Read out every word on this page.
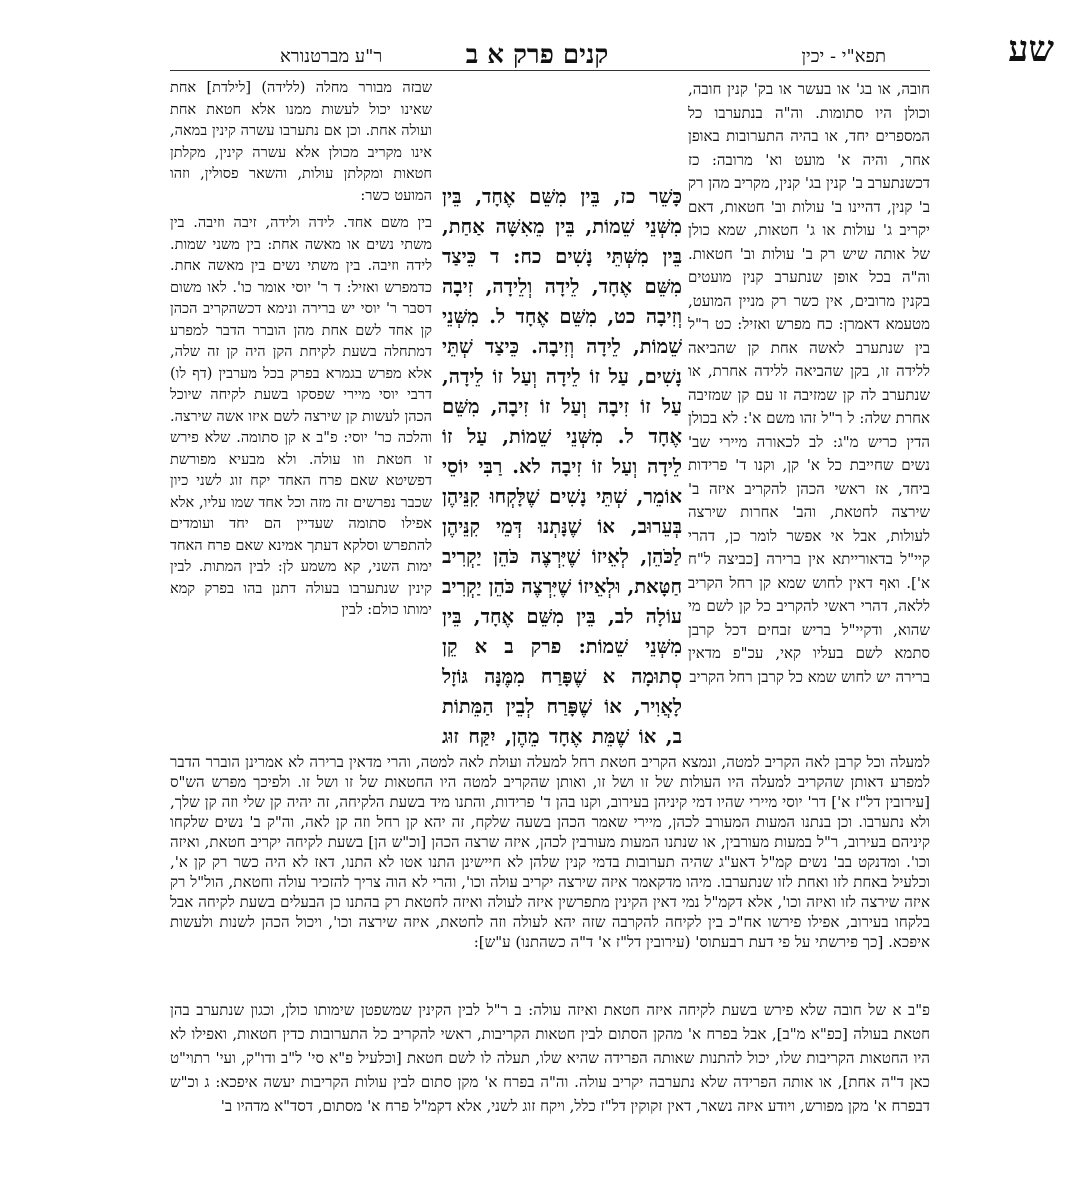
שע
תפא"י - יכין
קנים פרק א ב
ר"ע מברטנורא

חובה, או בג' או בעשר או בק' קנין חובה, וכולן היו סתומות. וה"ה בנתערבו כל המספרים יחד, או בהיה התערובות באופן אחר, והיה א' מועט וא' מרובה: כז דכשנתערב ב' קנין בג' קנין, מקריב מהן רק ב' קנין, דהיינו ב' עולות וב' חטאות, דאם יקריב ג' עולות או ג' חטאות, שמא כולן של אותה שיש רק ב' עולות וב' חטאות. וה"ה בכל אופן שנתערב קנין מועטים בקנין מרובים, אין כשר רק מניין המועט, מטעמא דאמרן: כח מפרש ואזיל: כט ר"ל בין שנתערב לאשה אחת קן שהביאה ללידה זו, בקן שהביאה ללידה אחרת, או שנתערב לה קן שמזיבה זו עם קן שמזיבה אחרת שלה: ל ר"ל זהו משם א': לא בכולן הדין כריש מ"ג: לב לכאורה מיירי שב' נשים שחייבת כל א' קן, וקנו ד' פרידות ביחד, אז ראשי הכהן להקריב איזה ב' שירצה לחטאת, והב' אחרות שירצה לעולות, אבל אי אפשר לומר כן, דהרי קיי"ל בדאורייתא אין ברירה [כביצה ל"ח א']. ואף דאין לחוש שמא קן רחל הקריב ללאה, דהרי ראשי להקריב כל קן לשם מי שהוא, ודקיי"ל בריש זבחים דכל קרבן סתמא לשם בעליו קאי, עכ"פ מדאין ברירה יש לחוש שמא כל קרבן רחל הקריב

כָּשֵׁר כז, בֵּין מִשֵּׁם אֶחָד, בֵּין מִשְּׁנֵי שֵׁמוֹת, בֵּין מֵאִשָּׁה אַחַת, בֵּין מִשְּׁתֵּי נָשִׁים כח: ד כֵּיצַד מִשֵּׁם אֶחָד, לֵידָה וְלֵידָה, זִיבָה וְזִיבָה כט, מִשֵּׁם אֶחָד ל. מִשְּׁנֵי שֵׁמוֹת, לֵידָה וְזִיבָה. כֵּיצַד שְׁתֵּי נָשִׁים, עַל זוֹ לֵידָה וְעַל זוֹ לֵידָה, עַל זוֹ זִיבָה וְעַל זוֹ זִיבָה, מִשֵּׁם אֶחָד ל. מִשְּׁנֵי שֵׁמוֹת, עַל זוֹ לֵידָה וְעַל זוֹ זִיבָה לא. רַבִּי יוֹסֵי אוֹמֵר, שְׁתֵּי נָשִׁים שֶׁלָּקְחוּ קִנֵּיהֶן בְּעֵרוּב, אוֹ שֶׁנָּתְנוּ דְּמֵי קִנֵּיהֶן לַכֹּהֵן, לְאֵיזוֹ שֶׁיִּרְצֶה כֹּהֵן יַקְרִיב חַטָּאת, וּלְאֵיזוֹ שֶׁיִּרְצֶה כֹּהֵן יַקְרִיב עוֹלָה לב, בֵּין מִשֵּׁם אֶחָד, בֵּין מִשְּׁנֵי שֵׁמוֹת: פרק ב א קֵן סְתוּמָה א שֶׁפָּרַח מִמֶּנָּה גּוֹזָל לָאֲוִיר, אוֹ שֶׁפָּרַח לְבֵין הַמֵּתוֹת ב, אוֹ שֶׁמֵּת אֶחָד מֵהֶן, יִקַּח זוּג

שבזה מבורר מחלה (ללידה) [לילדת] אחת שאינו יכול לעשות ממנו אלא חטאת אחת ועולה אחת. וכן אם נתערבו עשרה קינין במאה, אינו מקריב מכולן אלא עשרה קינין, מקלתן חטאות ומקלתן עולות, והשאר פסולין, וזהו המועט כשר:

בין משם אחד. לידה ולידה, זיבה וזיבה. בין משתי נשים או מאשה אחת: בין משני שמות. לידה וזיבה. בין משתי נשים בין מאשה אחת. כדמפרש ואזיל: ד ר' יוסי אומר כו'. לאו משום דסבר ר' יוסי יש ברירה ונימא דכשהקריב הכהן קן אחד לשם אחת מהן הוברר הדבר למפרע דמתחלה בשעת לקיחת הקן היה קן זה שלה, אלא מפרש בגמרא בפרק בכל מערבין (דף לו) דרבי יוסי מיירי שפסקו בשעת לקיחה שיוכל הכהן לעשות קן שירצה לשם איזו אשה שירצה. והלכה כר' יוסי: פ"ב א קן סתומה. שלא פירש זו חטאת וזו עולה. ולא מבעיא מפורשת דפשיטא שאם פרח האחד יקח זוג לשני כיון שכבר נפרשים זה מזה וכל אחד שמו עליו, אלא אפילו סתומה שעדיין הם יחד ועומדים להתפרש וסלקא דעתך אמינא שאם פרח האחד ימות השני, קא משמע לן: לבין המתות. לבין קינין שנתערבו בעולה דתנן בהו בפרק קמא ימותו כולם: לבין

למעלה וכל קרבן לאה הקריב למטה, ונמצא הקריב חטאת רחל למעלה ועולת לאה למטה, והרי מדאין ברירה לא אמרינן הוברר הדבר למפרע דאותן שהקריב למעלה היו העולות של זו ושל זו, ואותן שהקריב למטה היו החטאות של זו ושל זו. ולפיכך מפרש הש"ס [עירובין דל"ז א'] דר' יוסי מיירי שהיו דמי קיניהן בעירוב, וקנו בהן ד' פרידות, והתנו מיד בשעת הלקיחה, זה יהיה קן שלי וזה קן שלך, ולא נתערבו. וכן בנתנו המעות המעורב לכהן, מיירי שאמר הכהן בשעה שלקח, זה יהא קן רחל וזה קן לאה, וה"ק ב' נשים שלקחו קיניהם בעירוב, ר"ל במעות מעורבין, או שנתנו המעות מעורבין לכהן, איזה שרצה הכהן [וכ"ש הן] בשעת לקיחה יקריב חטאת, ואיזה וכו'. ומדנקט בב' נשים קמ"ל דאע"ג שהיה תערובות בדמי קנין שלהן לא חיישינן התנו אטו לא התנו, דאז לא היה כשר רק קן א', וכלעיל באחת לזו ואחת לזו שנתערבו. מיהו מדקאמר איזה שירצה יקריב עולה וכו', והרי לא הוה צריך להזכיר עולה וחטאת, הול"ל רק איזה שירצה לזו ואיזה וכו', אלא דקמ"ל נמי דאין הקינין מתפרשין איזה לעולה ואיזה לחטאת רק בהתנו כן הבעלים בשעת לקיחה אבל בלקחו בעירוב, אפילו פירשו אח"כ בין לקיחה להקרבה שזה יהא לעולה וזה לחטאת, איזה שירצה וכו', ויכול הכהן לשנות ולעשות איפכא. [כך פירשתי על פי דעת רבעתוס' (עירובין דל"ז א' ד"ה כשהתנו) ע"ש]:

פ"ב א של חובה שלא פירש בשעת לקיחה איזה חטאת ואיזה עולה: ב ר"ל לבין הקינין שמשפטן שימותו כולן, וכגון שנתערב בהן חטאת בעולה [כפ"א מ"ב], אבל בפרח א' מהקן הסתום לבין חטאות הקריבות, ראשי להקריב כל התערובות כדין חטאות, ואפילו לא היו החטאות הקריבות שלו, יכול להתנות שאותה הפרידה שהיא שלו, תעלה לו לשם חטאת [וכלעיל פ"א סי' ל"ב ודו"ק, ועי' רתוי"ט כאן ד"ה אחת], או אותה הפרידה שלא נתערבה יקריב עולה. וה"ה בפרח א' מקן סתום לבין עולות הקריבות יעשה איפכא: ג וכ"ש דבפרח א' מקן מפורש, ויודע איזה נשאר, דאין זקוקין דל"ז כלל, ויקח זוג לשני, אלא דקמ"ל פרח א' מסתום, דסד"א מדהיו ב'
